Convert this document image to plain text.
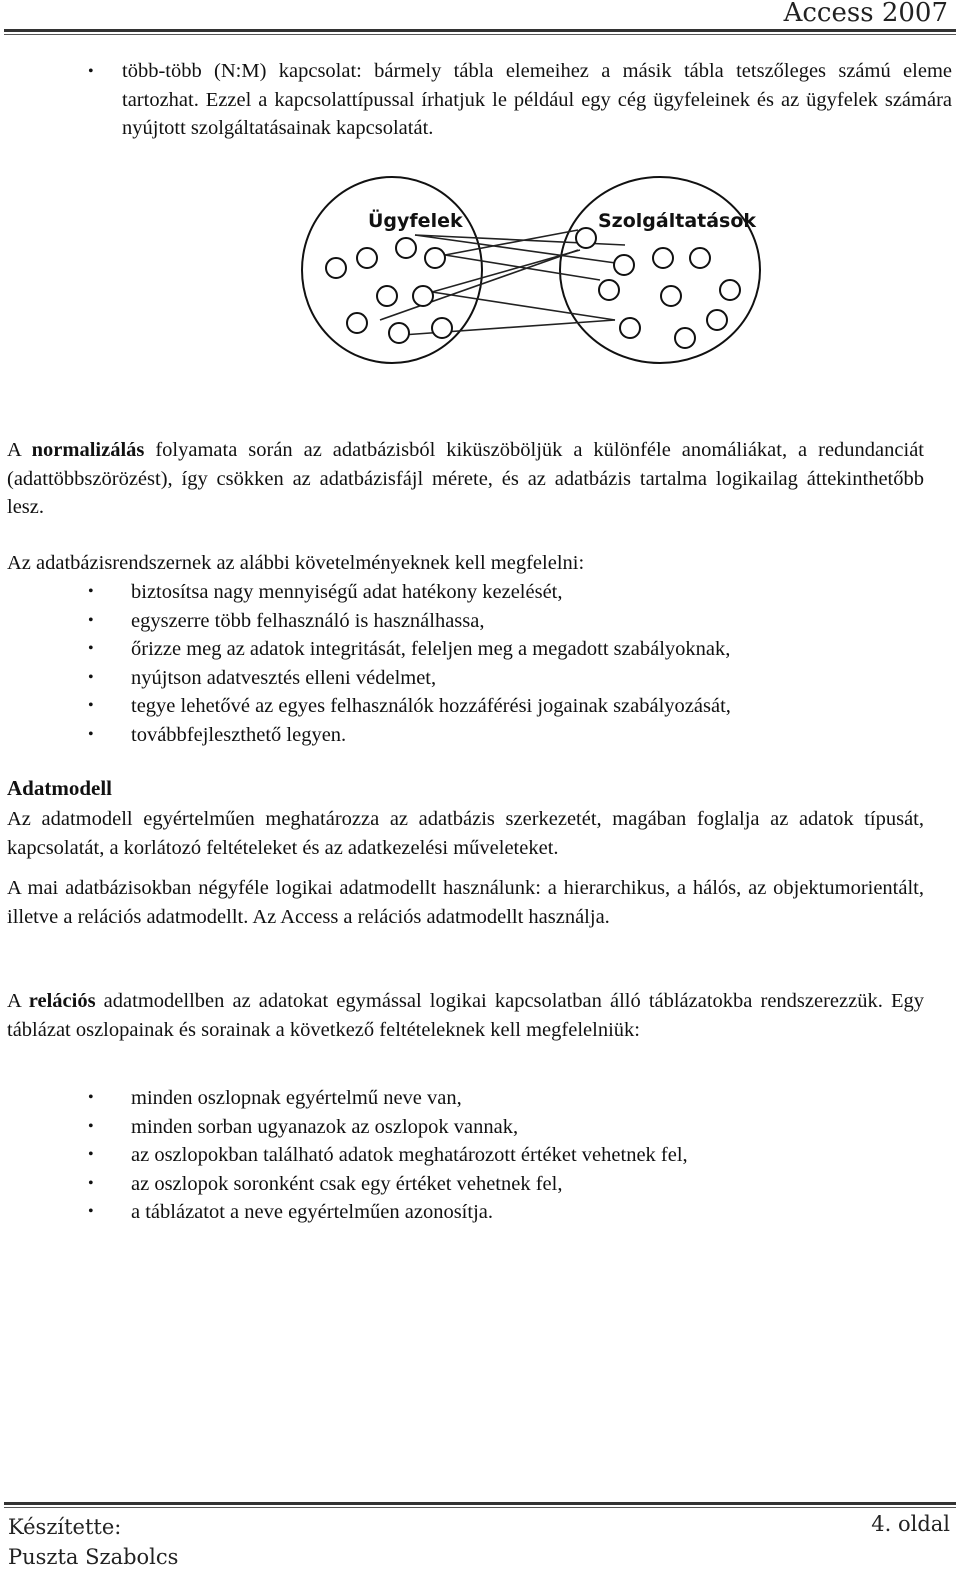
Access 2007
•	több-több (N:M) kapcsolat: bármely tábla elemeihez a másik tábla tetszőleges számú eleme tartozhat. Ezzel a kapcsolattípussal írhatjuk le például egy cég ügyfeleinek és az ügyfelek számára nyújtott szolgáltatásainak kapcsolatát.
Ügyfelek	Szolgáltatások
A normalizálás folyamata során az adatbázisból kiküszöböljük a különféle anomáliákat, a redundanciát (adattöbbszörözést), így csökken az adatbázisfájl mérete, és az adatbázis tartalma logikailag áttekinthetőbb lesz.
Az adatbázisrendszernek az alábbi követelményeknek kell megfelelni:
• biztosítsa nagy mennyiségű adat hatékony kezelését,
• egyszerre több felhasználó is használhassa,
• őrizze meg az adatok integritását, feleljen meg a megadott szabályoknak,
• nyújtson adatvesztés elleni védelmet,
• tegye lehetővé az egyes felhasználók hozzáférési jogainak szabályozását,
• továbbfejleszthető legyen.
Adatmodell
Az adatmodell egyértelműen meghatározza az adatbázis szerkezetét, magában foglalja az adatok típusát, kapcsolatát, a korlátozó feltételeket és az adatkezelési műveleteket.
A mai adatbázisokban négyféle logikai adatmodellt használunk: a hierarchikus, a hálós, az objektumorientált, illetve a relációs adatmodellt. Az Access a relációs adatmodellt használja.
A relációs adatmodellben az adatokat egymással logikai kapcsolatban álló táblázatokba rendszerezzük. Egy táblázat oszlopainak és sorainak a következő feltételeknek kell megfelelniük:
• minden oszlopnak egyértelmű neve van,
• minden sorban ugyanazok az oszlopok vannak,
• az oszlopokban található adatok meghatározott értéket vehetnek fel,
• az oszlopok soronként csak egy értéket vehetnek fel,
• a táblázatot a neve egyértelműen azonosítja.
Készítette:
Puszta Szabolcs
4. oldal
